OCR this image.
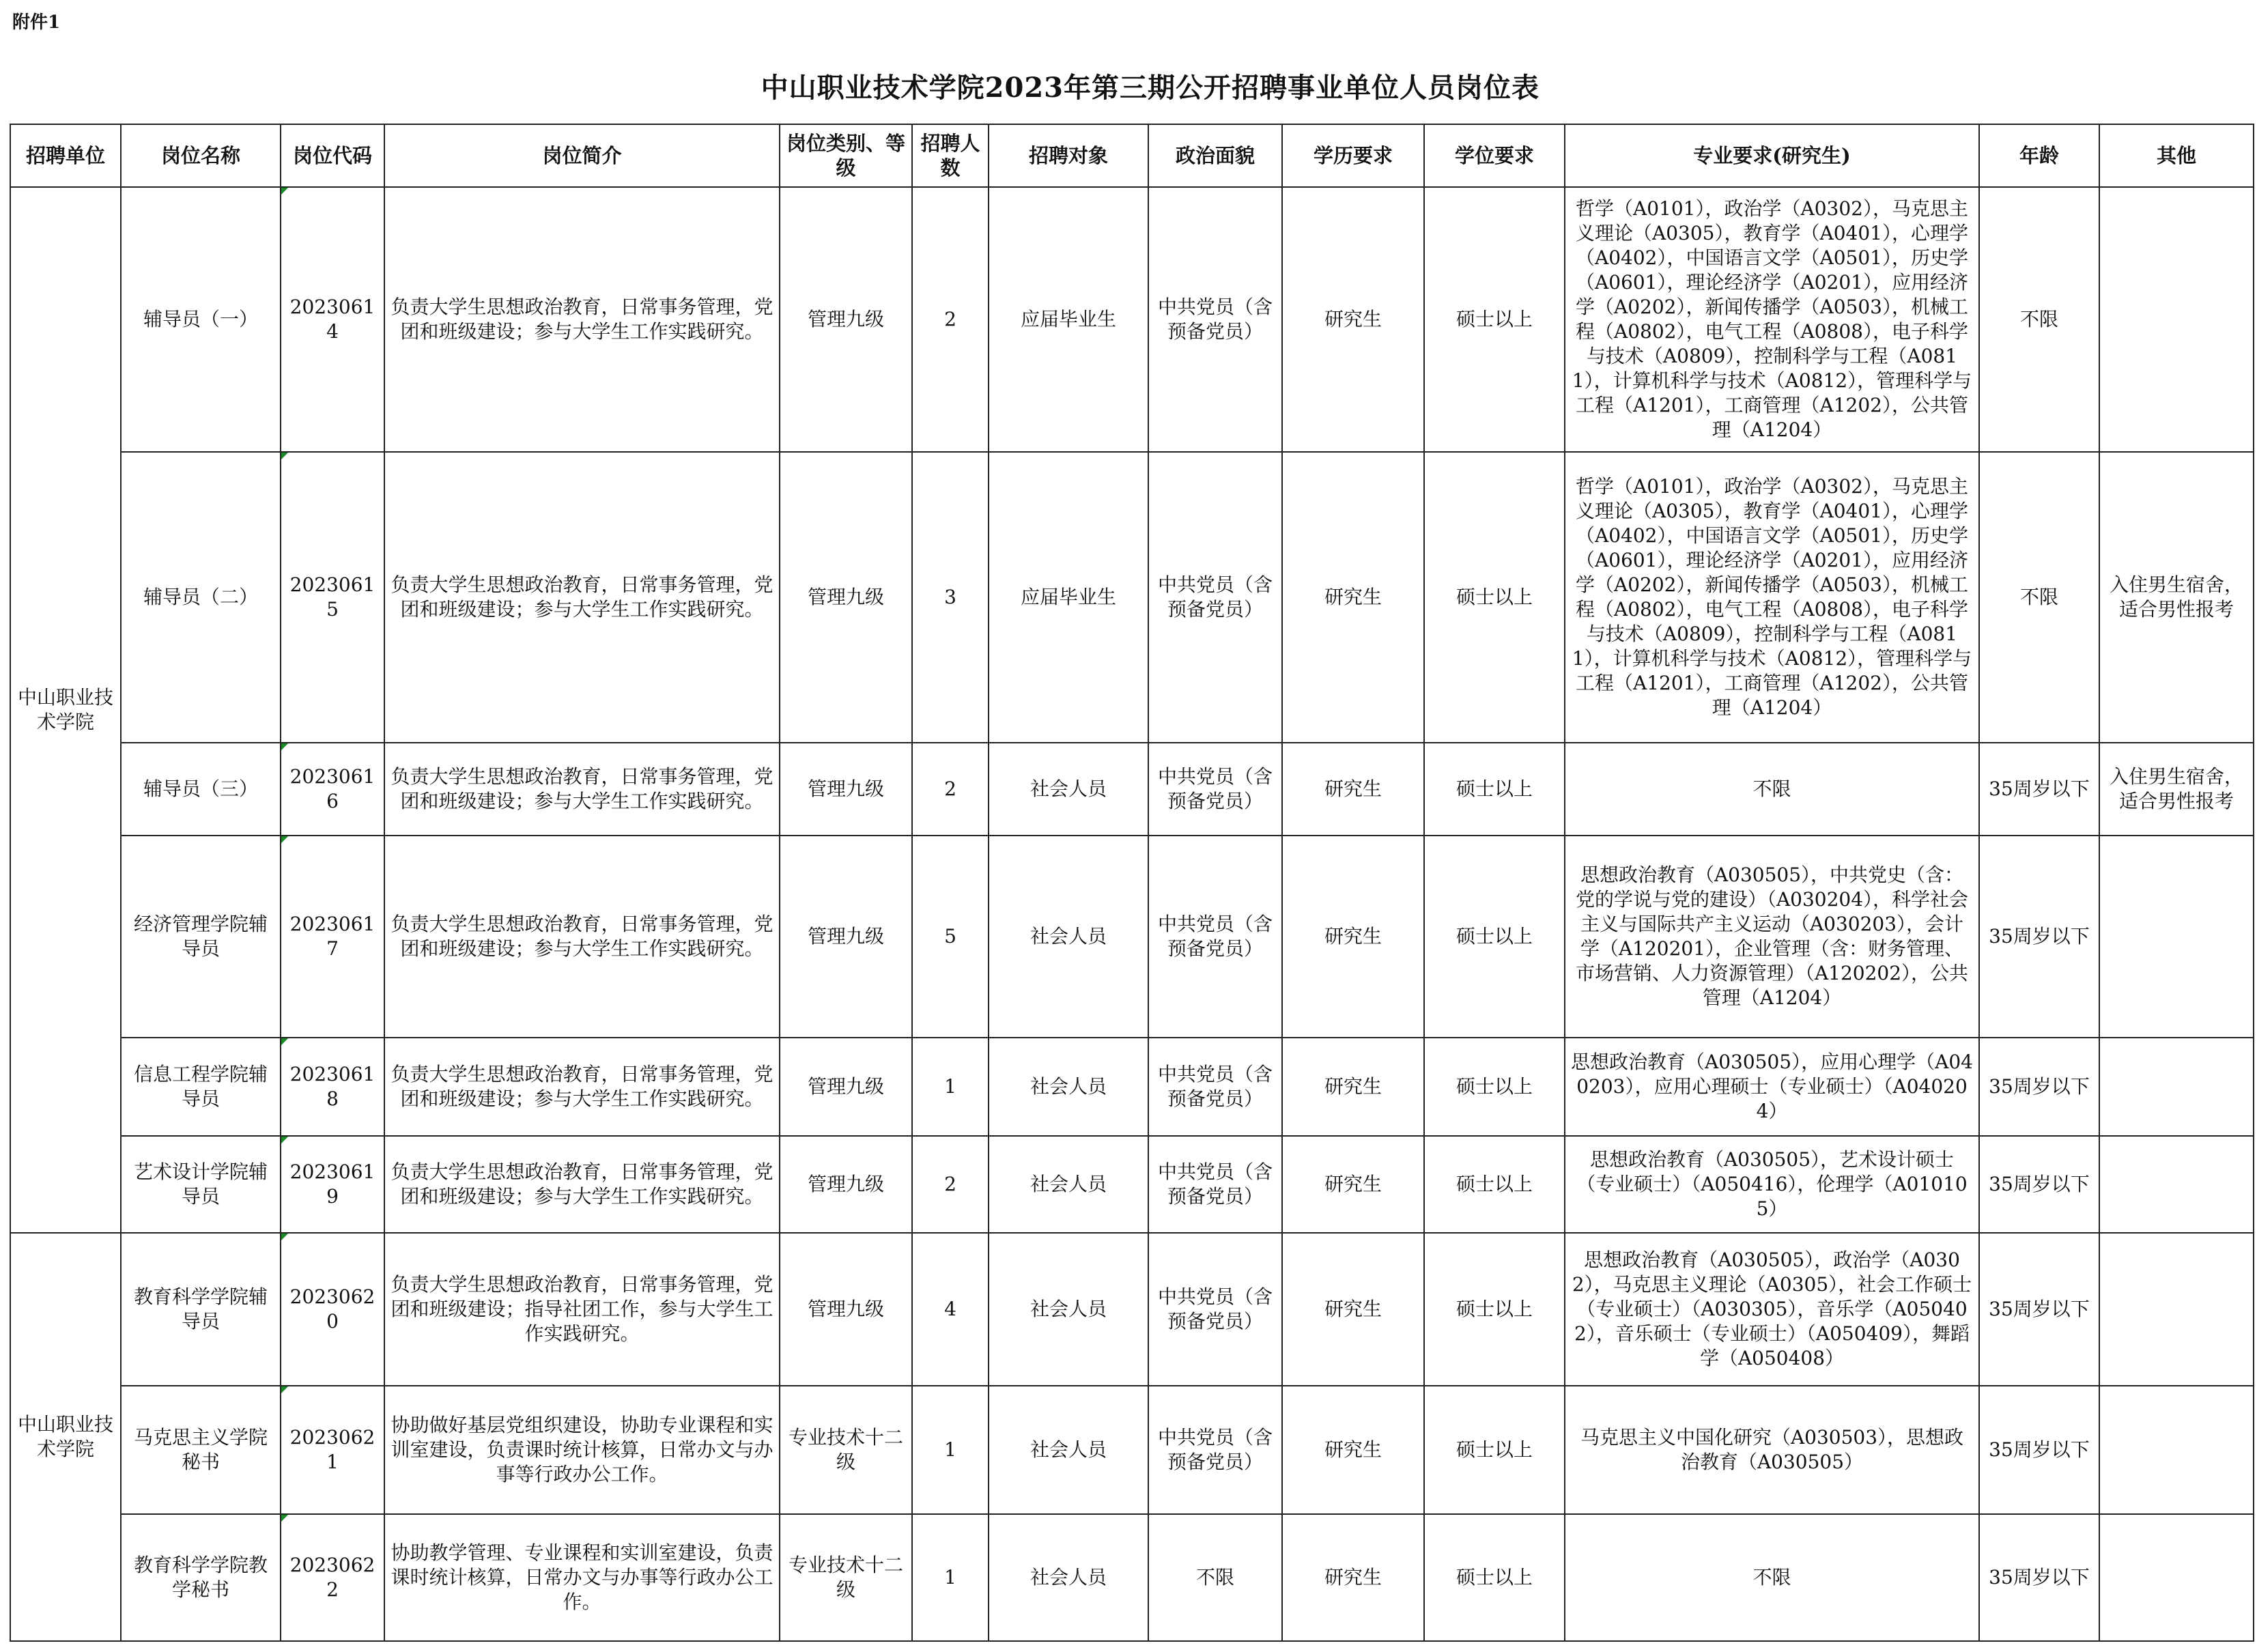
附件1
中山职业技术学院2023年第三期公开招聘事业单位人员岗位表
招聘单位	岗位名称	岗位代码	岗位简介	岗位类别、等级	招聘人数	招聘对象	政治面貌	学历要求	学位要求	专业要求(研究生)	年龄	其他
中山职业技术学院	辅导员（一）	20230614	负责大学生思想政治教育，日常事务管理，党团和班级建设；参与大学生工作实践研究。	管理九级	2	应届毕业生	中共党员（含预备党员）	研究生	硕士以上	哲学（A0101），政治学（A0302），马克思主义理论（A0305），教育学（A0401），心理学（A0402），中国语言文学（A0501），历史学（A0601），理论经济学（A0201），应用经济学（A0202），新闻传播学（A0503），机械工程（A0802），电气工程（A0808），电子科学与技术（A0809），控制科学与工程（A0811），计算机科学与技术（A0812），管理科学与工程（A1201），工商管理（A1202），公共管理（A1204）	不限	
	辅导员（二）	20230615	负责大学生思想政治教育，日常事务管理，党团和班级建设；参与大学生工作实践研究。	管理九级	3	应届毕业生	中共党员（含预备党员）	研究生	硕士以上	哲学（A0101），政治学（A0302），马克思主义理论（A0305），教育学（A0401），心理学（A0402），中国语言文学（A0501），历史学（A0601），理论经济学（A0201），应用经济学（A0202），新闻传播学（A0503），机械工程（A0802），电气工程（A0808），电子科学与技术（A0809），控制科学与工程（A0811），计算机科学与技术（A0812），管理科学与工程（A1201），工商管理（A1202），公共管理（A1204）	不限	入住男生宿舍，适合男性报考
	辅导员（三）	20230616	负责大学生思想政治教育，日常事务管理，党团和班级建设；参与大学生工作实践研究。	管理九级	2	社会人员	中共党员（含预备党员）	研究生	硕士以上	不限	35周岁以下	入住男生宿舍，适合男性报考
	经济管理学院辅导员	20230617	负责大学生思想政治教育，日常事务管理，党团和班级建设；参与大学生工作实践研究。	管理九级	5	社会人员	中共党员（含预备党员）	研究生	硕士以上	思想政治教育（A030505），中共党史（含：党的学说与党的建设）（A030204），科学社会主义与国际共产主义运动（A030203），会计学（A120201），企业管理（含：财务管理、市场营销、人力资源管理）（A120202），公共管理（A1204）	35周岁以下	
	信息工程学院辅导员	20230618	负责大学生思想政治教育，日常事务管理，党团和班级建设；参与大学生工作实践研究。	管理九级	1	社会人员	中共党员（含预备党员）	研究生	硕士以上	思想政治教育（A030505），应用心理学（A040203），应用心理硕士（专业硕士）（A040204）	35周岁以下	
	艺术设计学院辅导员	20230619	负责大学生思想政治教育，日常事务管理，党团和班级建设；参与大学生工作实践研究。	管理九级	2	社会人员	中共党员（含预备党员）	研究生	硕士以上	思想政治教育（A030505），艺术设计硕士（专业硕士）（A050416），伦理学（A010105）	35周岁以下	
中山职业技术学院	教育科学学院辅导员	20230620	负责大学生思想政治教育，日常事务管理，党团和班级建设；指导社团工作，参与大学生工作实践研究。	管理九级	4	社会人员	中共党员（含预备党员）	研究生	硕士以上	思想政治教育（A030505），政治学（A0302），马克思主义理论（A0305），社会工作硕士（专业硕士）（A030305），音乐学（A050402），音乐硕士（专业硕士）（A050409），舞蹈学（A050408）	35周岁以下	
	马克思主义学院秘书	20230621	协助做好基层党组织建设，协助专业课程和实训室建设，负责课时统计核算，日常办文与办事等行政办公工作。	专业技术十二级	1	社会人员	中共党员（含预备党员）	研究生	硕士以上	马克思主义中国化研究（A030503），思想政治教育（A030505）	35周岁以下	
	教育科学学院教学秘书	20230622	协助教学管理、专业课程和实训室建设，负责课时统计核算，日常办文与办事等行政办公工作。	专业技术十二级	1	社会人员	不限	研究生	硕士以上	不限	35周岁以下	
